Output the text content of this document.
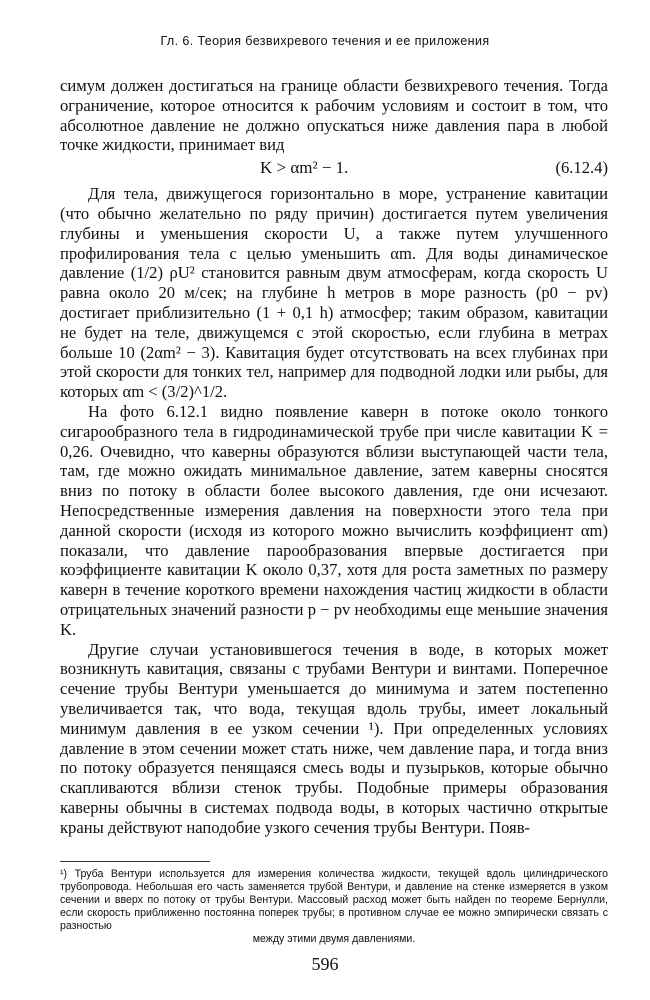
Гл. 6. Теория безвихревого течения и ее приложения

симум должен достигаться на границе области безвихревого течения. Тогда ограничение, которое относится к рабочим условиям и состоит в том, что абсолютное давление не должно опускаться ниже давления пара в любой точке жидкости, принимает вид

K > αm² − 1.	(6.12.4)

Для тела, движущегося горизонтально в море, устранение кавитации (что обычно желательно по ряду причин) достигается путем увеличения глубины и уменьшения скорости U, а также путем улучшенного профилирования тела с целью уменьшить αm. Для воды динамическое давление (1/2) ρU² становится равным двум атмосферам, когда скорость U равна около 20 м/сек; на глубине h метров в море разность (p0 − pv) достигает приблизительно (1 + 0,1 h) атмосфер; таким образом, кавитации не будет на теле, движущемся с этой скоростью, если глубина в метрах больше 10 (2αm² − 3). Кавитация будет отсутствовать на всех глубинах при этой скорости для тонких тел, например для подводной лодки или рыбы, для которых αm < (3/2)^1/2.

На фото 6.12.1 видно появление каверн в потоке около тонкого сигарообразного тела в гидродинамической трубе при числе кавитации K = 0,26. Очевидно, что каверны образуются вблизи выступающей части тела, там, где можно ожидать минимальное давление, затем каверны сносятся вниз по потоку в области более высокого давления, где они исчезают. Непосредственные измерения давления на поверхности этого тела при данной скорости (исходя из которого можно вычислить коэффициент αm) показали, что давление парообразования впервые достигается при коэффициенте кавитации K около 0,37, хотя для роста заметных по размеру каверн в течение короткого времени нахождения частиц жидкости в области отрицательных значений разности p − pv необходимы еще меньшие значения K.

Другие случаи установившегося течения в воде, в которых может возникнуть кавитация, связаны с трубами Вентури и винтами. Поперечное сечение трубы Вентури уменьшается до минимума и затем постепенно увеличивается так, что вода, текущая вдоль трубы, имеет локальный минимум давления в ее узком сечении ¹). При определенных условиях давление в этом сечении может стать ниже, чем давление пара, и тогда вниз по потоку образуется пенящаяся смесь воды и пузырьков, которые обычно скапливаются вблизи стенок трубы. Подобные примеры образования каверны обычны в системах подвода воды, в которых частично открытые краны действуют наподобие узкого сечения трубы Вентури. Появ-

¹) Труба Вентури используется для измерения количества жидкости, текущей вдоль цилиндрического трубопровода. Небольшая его часть заменяется трубой Вентури, и давление на стенке измеряется в узком сечении и вверх по потоку от трубы Вентури. Массовый расход может быть найден по теореме Бернулли, если скорость приближенно постоянна поперек трубы; в противном случае ее можно эмпирически связать с разностью
между этими двумя давлениями.
596
